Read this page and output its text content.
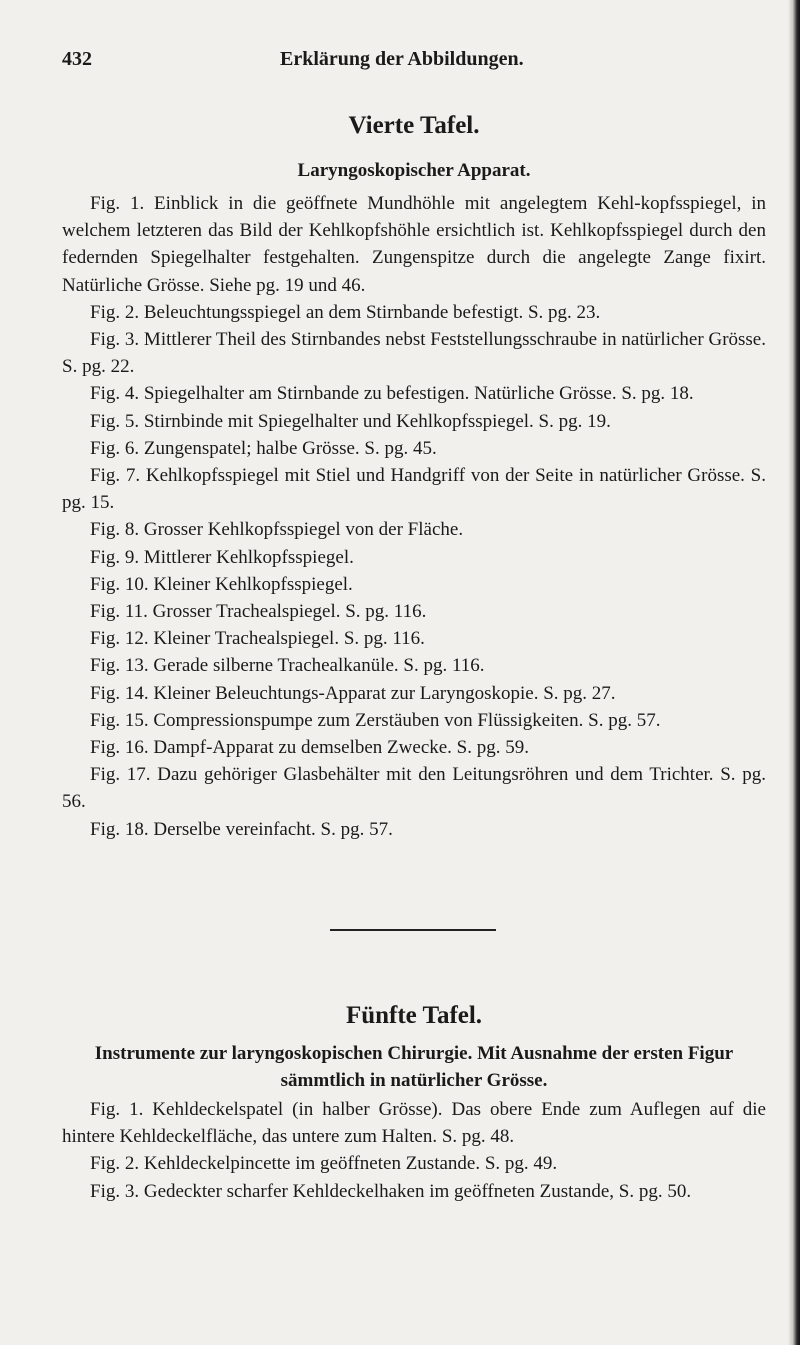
432	Erklärung der Abbildungen.
Vierte Tafel.
Laryngoskopischer Apparat.

Fig. 1. Einblick in die geöffnete Mundhöhle mit angelegtem Kehl-kopfsspiegel, in welchem letzteren das Bild der Kehlkopfshöhle ersichtlich ist. Kehlkopfsspiegel durch den federnden Spiegelhalter festgehalten. Zungenspitze durch die angelegte Zange fixirt. Natürliche Grösse. Siehe pg. 19 und 46.

Fig. 2. Beleuchtungsspiegel an dem Stirnbande befestigt. S. pg. 23.

Fig. 3. Mittlerer Theil des Stirnbandes nebst Feststellungsschraube in natürlicher Grösse. S. pg. 22.

Fig. 4. Spiegelhalter am Stirnbande zu befestigen. Natürliche Grösse. S. pg. 18.

Fig. 5. Stirnbinde mit Spiegelhalter und Kehlkopfsspiegel. S. pg. 19.

Fig. 6. Zungenspatel; halbe Grösse. S. pg. 45.

Fig. 7. Kehlkopfsspiegel mit Stiel und Handgriff von der Seite in natürlicher Grösse. S. pg. 15.

Fig. 8. Grosser Kehlkopfsspiegel von der Fläche.

Fig. 9. Mittlerer Kehlkopfsspiegel.

Fig. 10. Kleiner Kehlkopfsspiegel.

Fig. 11. Grosser Trachealspiegel. S. pg. 116.

Fig. 12. Kleiner Trachealspiegel. S. pg. 116.

Fig. 13. Gerade silberne Trachealkanüle. S. pg. 116.

Fig. 14. Kleiner Beleuchtungs-Apparat zur Laryngoskopie. S. pg. 27.

Fig. 15. Compressionspumpe zum Zerstäuben von Flüssigkeiten. S. pg. 57.

Fig. 16. Dampf-Apparat zu demselben Zwecke. S. pg. 59.

Fig. 17. Dazu gehöriger Glasbehälter mit den Leitungsröhren und dem Trichter. S. pg. 56.

Fig. 18. Derselbe vereinfacht. S. pg. 57.

Fünfte Tafel.
Instrumente zur laryngoskopischen Chirurgie. Mit Ausnahme der ersten Figur sämmtlich in natürlicher Grösse.

Fig. 1. Kehldeckelspatel (in halber Grösse). Das obere Ende zum Auflegen auf die hintere Kehldeckelfläche, das untere zum Halten. S. pg. 48.

Fig. 2. Kehldeckelpincette im geöffneten Zustande. S. pg. 49.

Fig. 3. Gedeckter scharfer Kehldeckelhaken im geöffneten Zustande, S. pg. 50.
